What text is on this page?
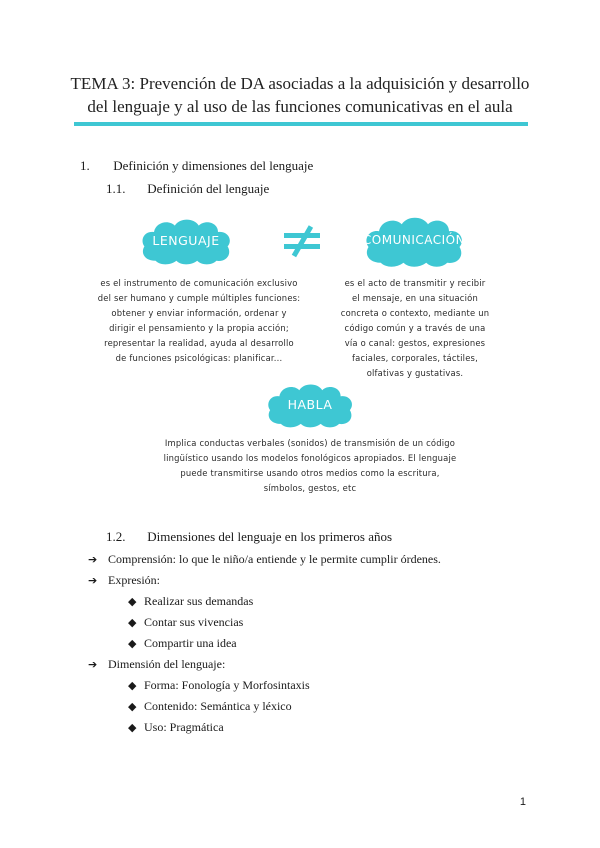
TEMA 3: Prevención de DA asociadas a la adquisición y desarrollo
del lenguaje y al uso de las funciones comunicativas en el aula
1. Definición y dimensiones del lenguaje
1.1. Definición del lenguaje
LENGUAJE	COMUNICACIÓN
es el instrumento de comunicación exclusivo
del ser humano y cumple múltiples funciones:
obtener y enviar información, ordenar y
dirigir el pensamiento y la propia acción;
representar la realidad, ayuda al desarrollo
de funciones psicológicas: planificar...
es el acto de transmitir y recibir
el mensaje, en una situación
concreta o contexto, mediante un
código común y a través de una
vía o canal: gestos, expresiones
faciales, corporales, táctiles,
olfativas y gustativas.
HABLA
Implica conductas verbales (sonidos) de transmisión de un código
lingüístico usando los modelos fonológicos apropiados. El lenguaje
puede transmitirse usando otros medios como la escritura,
símbolos, gestos, etc
1.2. Dimensiones del lenguaje en los primeros años
➔ Comprensión: lo que le niño/a entiende y le permite cumplir órdenes.
➔ Expresión:
◆ Realizar sus demandas
◆ Contar sus vivencias
◆ Compartir una idea
➔ Dimensión del lenguaje:
◆ Forma: Fonología y Morfosintaxis
◆ Contenido: Semántica y léxico
◆ Uso: Pragmática
1
